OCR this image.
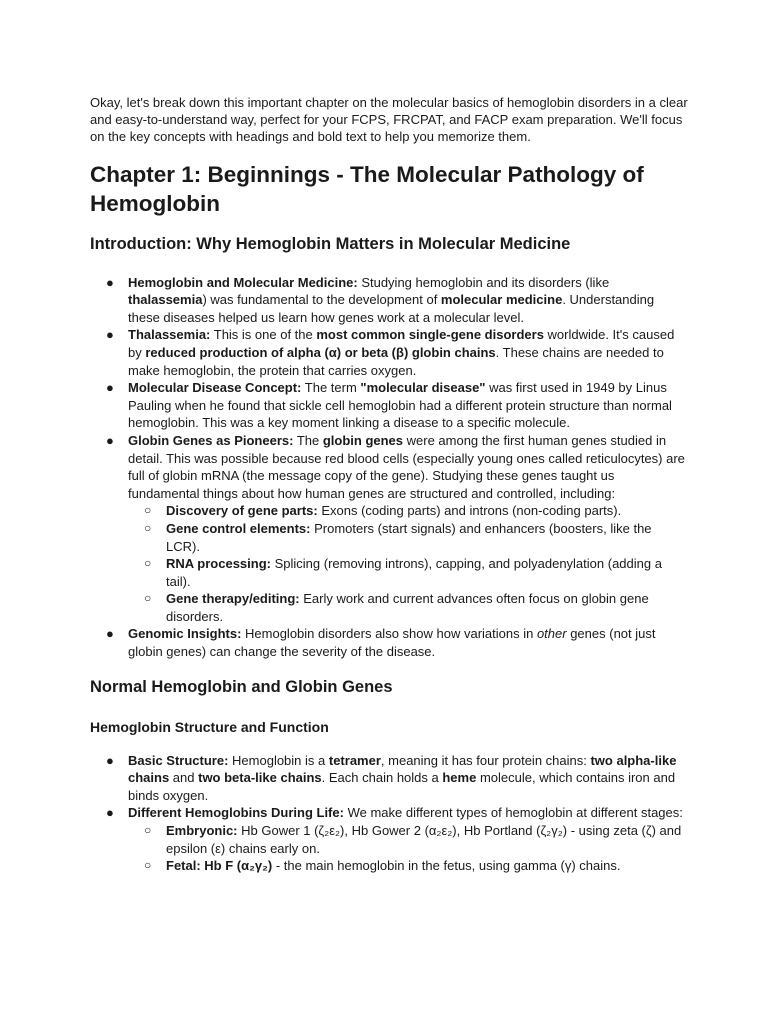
Okay, let's break down this important chapter on the molecular basics of hemoglobin disorders in a clear and easy-to-understand way, perfect for your FCPS, FRCPAT, and FACP exam preparation. We'll focus on the key concepts with headings and bold text to help you memorize them.

Chapter 1: Beginnings - The Molecular Pathology of Hemoglobin
Introduction: Why Hemoglobin Matters in Molecular Medicine
● Hemoglobin and Molecular Medicine: Studying hemoglobin and its disorders (like thalassemia) was fundamental to the development of molecular medicine. Understanding these diseases helped us learn how genes work at a molecular level.
● Thalassemia: This is one of the most common single-gene disorders worldwide. It's caused by reduced production of alpha (α) or beta (β) globin chains. These chains are needed to make hemoglobin, the protein that carries oxygen.
● Molecular Disease Concept: The term "molecular disease" was first used in 1949 by Linus Pauling when he found that sickle cell hemoglobin had a different protein structure than normal hemoglobin. This was a key moment linking a disease to a specific molecule.
● Globin Genes as Pioneers: The globin genes were among the first human genes studied in detail. This was possible because red blood cells (especially young ones called reticulocytes) are full of globin mRNA (the message copy of the gene). Studying these genes taught us fundamental things about how human genes are structured and controlled, including:
○ Discovery of gene parts: Exons (coding parts) and introns (non-coding parts).
○ Gene control elements: Promoters (start signals) and enhancers (boosters, like the LCR).
○ RNA processing: Splicing (removing introns), capping, and polyadenylation (adding a tail).
○ Gene therapy/editing: Early work and current advances often focus on globin gene disorders.
● Genomic Insights: Hemoglobin disorders also show how variations in other genes (not just globin genes) can change the severity of the disease.
Normal Hemoglobin and Globin Genes
Hemoglobin Structure and Function
● Basic Structure: Hemoglobin is a tetramer, meaning it has four protein chains: two alpha-like chains and two beta-like chains. Each chain holds a heme molecule, which contains iron and binds oxygen.
● Different Hemoglobins During Life: We make different types of hemoglobin at different stages:
○ Embryonic: Hb Gower 1 (ζ₂ε₂), Hb Gower 2 (α₂ε₂), Hb Portland (ζ₂γ₂) - using zeta (ζ) and epsilon (ε) chains early on.
○ Fetal: Hb F (α₂γ₂) - the main hemoglobin in the fetus, using gamma (γ) chains.
